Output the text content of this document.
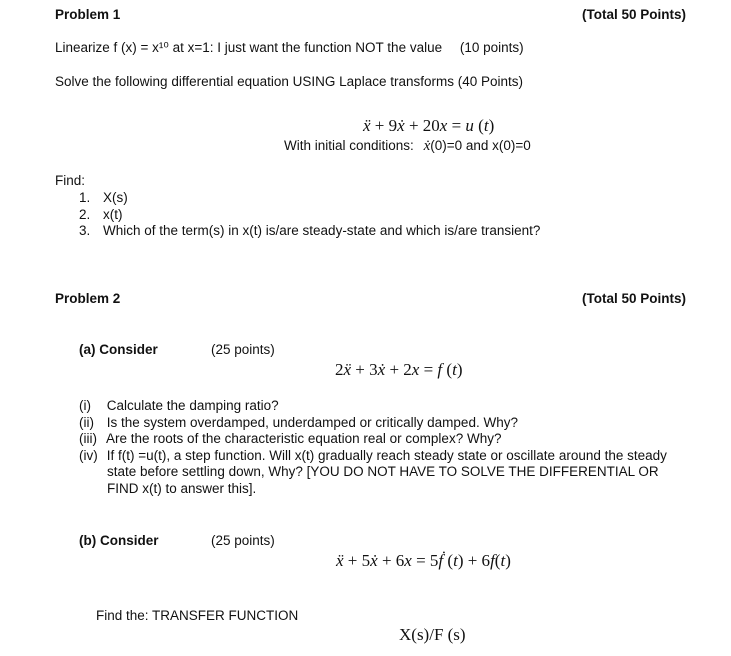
Problem 1	(Total 50 Points)
Linearize f (x) = x¹⁰ at x=1: I just want the function NOT the value (10 points)
Solve the following differential equation USING Laplace transforms (40 Points)
ẍ + 9ẋ + 20x = u (t)
With initial conditions: ẋ(0)=0 and x(0)=0
Find:
1. X(s)
2. x(t)
3. Which of the term(s) in x(t) is/are steady-state and which is/are transient?
Problem 2	(Total 50 Points)
(a) Consider	(25 points)
2ẍ + 3ẋ + 2x = f (t)
(i) Calculate the damping ratio?
(ii) Is the system overdamped, underdamped or critically damped. Why?
(iii) Are the roots of the characteristic equation real or complex? Why?
(iv) If f(t) =u(t), a step function. Will x(t) gradually reach steady state or oscillate around the steady
state before settling down, Why? [YOU DO NOT HAVE TO SOLVE THE DIFFERENTIAL OR
FIND x(t) to answer this].
(b) Consider	(25 points)
ẍ + 5ẋ + 6x = 5ḟ (t) + 6f(t)
Find the: TRANSFER FUNCTION
X(s)/F (s)
